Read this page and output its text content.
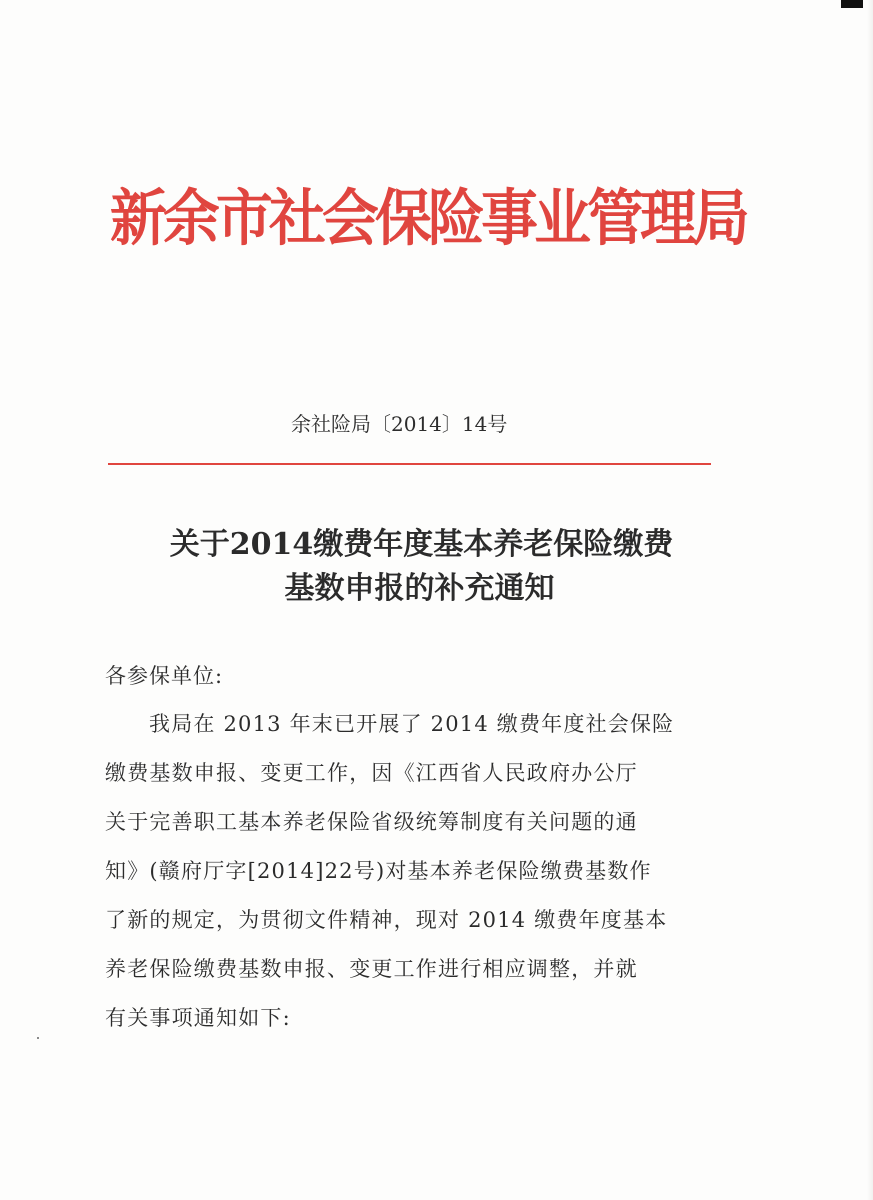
新余市社会保险事业管理局
余社险局〔2014〕14号
关于2014缴费年度基本养老保险缴费
基数申报的补充通知
各参保单位:
我局在 2013 年末已开展了 2014 缴费年度社会保险
缴费基数申报、变更工作，因《江西省人民政府办公厅
关于完善职工基本养老保险省级统筹制度有关问题的通
知》(赣府厅字[2014]22号)对基本养老保险缴费基数作
了新的规定，为贯彻文件精神，现对 2014 缴费年度基本
养老保险缴费基数申报、变更工作进行相应调整，并就
有关事项通知如下:
